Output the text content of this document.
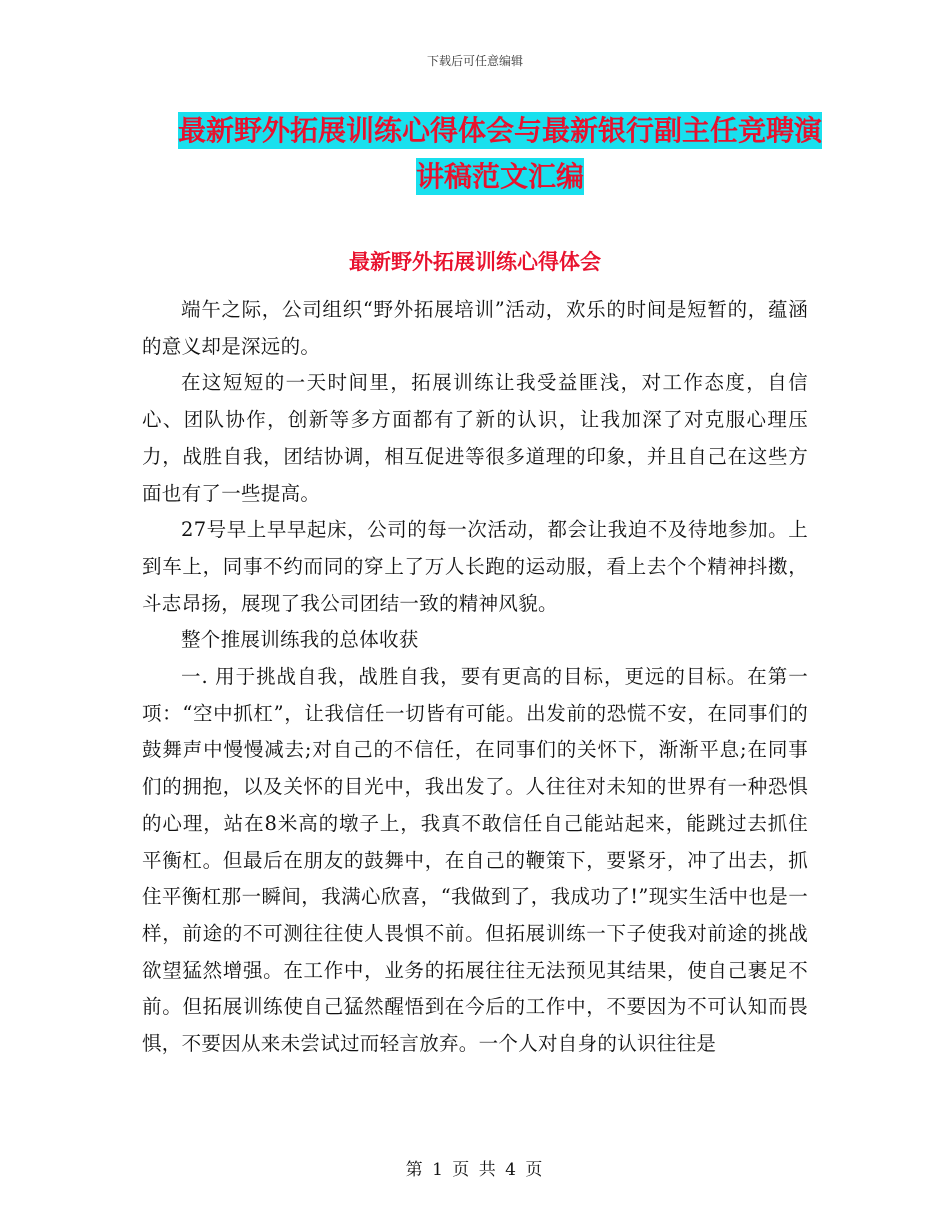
下载后可任意编辑
最新野外拓展训练心得体会与最新银行副主任竞聘演
讲稿范文汇编
最新野外拓展训练心得体会

端午之际，公司组织“野外拓展培训”活动，欢乐的时间是短暂的，蕴涵的意义却是深远的。

在这短短的一天时间里，拓展训练让我受益匪浅，对工作态度，自信心、团队协作，创新等多方面都有了新的认识，让我加深了对克服心理压力，战胜自我，团结协调，相互促进等很多道理的印象，并且自己在这些方面也有了一些提高。

27号早上早早起床，公司的每一次活动，都会让我迫不及待地参加。上到车上，同事不约而同的穿上了万人长跑的运动服，看上去个个精神抖擞，斗志昂扬，展现了我公司团结一致的精神风貌。

整个推展训练我的总体收获

一. 用于挑战自我，战胜自我，要有更高的目标，更远的目标。在第一项：“空中抓杠”，让我信任一切皆有可能。出发前的恐慌不安，在同事们的鼓舞声中慢慢减去;对自己的不信任，在同事们的关怀下，渐渐平息;在同事们的拥抱，以及关怀的目光中，我出发了。人往往对未知的世界有一种恐惧的心理，站在8米高的墩子上，我真不敢信任自己能站起来，能跳过去抓住平衡杠。但最后在朋友的鼓舞中，在自己的鞭策下，要紧牙，冲了出去，抓住平衡杠那一瞬间，我满心欣喜，“我做到了，我成功了!”现实生活中也是一样，前途的不可测往往使人畏惧不前。但拓展训练一下子使我对前途的挑战欲望猛然增强。在工作中，业务的拓展往往无法预见其结果，使自己裹足不前。但拓展训练使自己猛然醒悟到在今后的工作中，不要因为不可认知而畏惧，不要因从来未尝试过而轻言放弃。一个人对自身的认识往往是

第 1 页 共 4 页
